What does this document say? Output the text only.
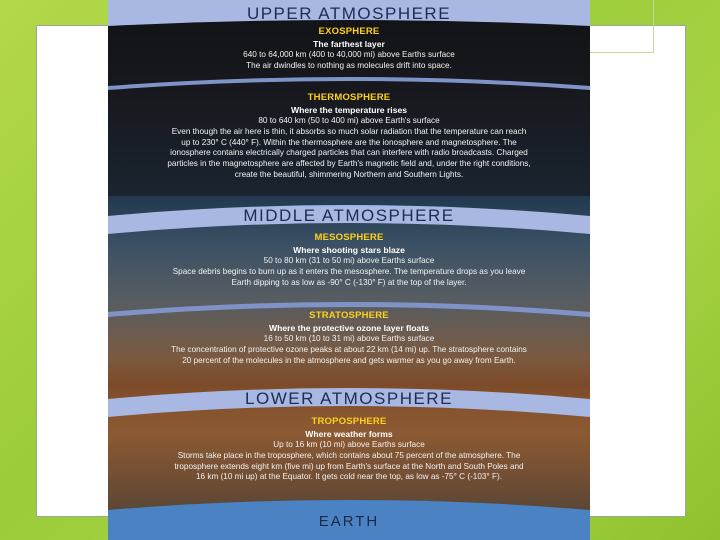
UPPER ATMOSPHERE
MIDDLE ATMOSPHERE
LOWER ATMOSPHERE
EARTH
EXOSPHERE
The farthest layer
640 to 64,000 km (400 to 40,000 mi) above Earths surface
The air dwindles to nothing as molecules drift into space.
THERMOSPHERE
Where the temperature rises
80 to 640 km (50 to 400 mi) above Earth's surface
Even though the air here is thin, it absorbs so much solar radiation that the temperature can reach
up to 230° C (440° F). Within the thermosphere are the ionosphere and magnetosphere. The
ionosphere contains electrically charged particles that can interfere with radio broadcasts. Charged
particles in the magnetosphere are affected by Earth's magnetic field and, under the right conditions,
create the beautiful, shimmering Northern and Southern Lights.
MESOSPHERE
Where shooting stars blaze
50 to 80 km (31 to 50 mi) above Earths surface
Space debris begins to burn up as it enters the mesosphere. The temperature drops as you leave
Earth dipping to as low as -90° C (-130° F) at the top of the layer.
STRATOSPHERE
Where the protective ozone layer floats
16 to 50 km (10 to 31 mi) above Earths surface
The concentration of protective ozone peaks at about 22 km (14 mi) up. The stratosphere contains
20 percent of the molecules in the atmosphere and gets warmer as you go away from Earth.
TROPOSPHERE
Where weather forms
Up to 16 km (10 mi) above Earths surface
Storms take place in the troposphere, which contains about 75 percent of the atmosphere. The
troposphere extends eight km (five mi) up from Earth's surface at the North and South Poles and
16 km (10 mi up) at the Equator. It gets cold near the top, as low as -75° C (-103° F).
